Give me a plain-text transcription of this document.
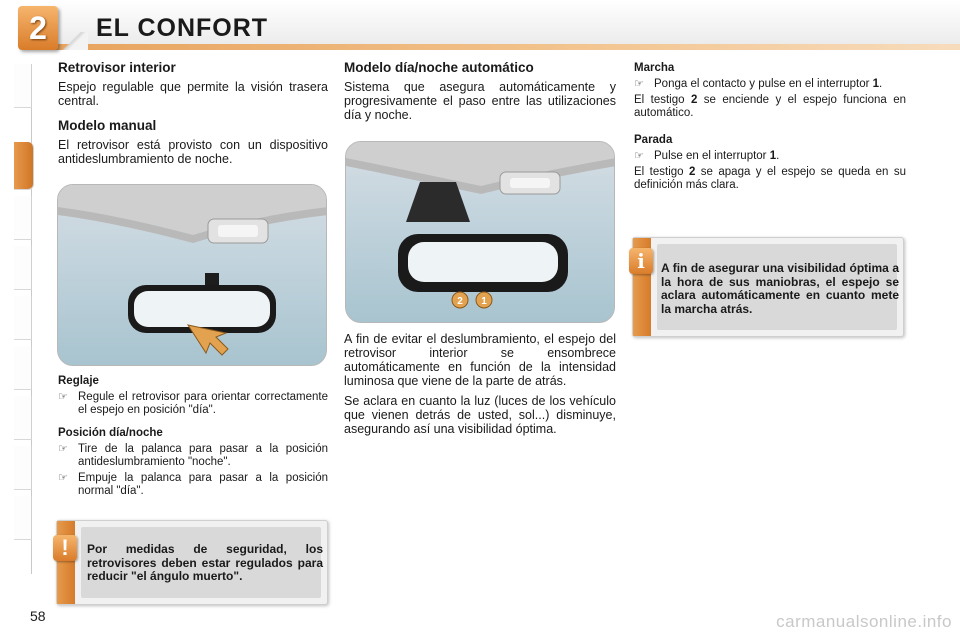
2	EL CONFORT
Retrovisor interior

Espejo regulable que permite la visión trasera central.

Modelo manual

El retrovisor está provisto con un dispositivo antideslumbramiento de noche.

Reglaje
☞ Regule el retrovisor para orientar correctamente el espejo en posición "día".
Posición día/noche
☞ Tire de la palanca para pasar a la posición antideslumbramiento "noche".
☞ Empuje la palanca para pasar a la posición normal "día".
Modelo día/noche automático

Sistema que asegura automáticamente y progresivamente el paso entre las utilizaciones día y noche.

2 1

A fin de evitar el deslumbramiento, el espejo del retrovisor interior se ensombrece automáticamente en función de la intensidad luminosa que viene de la parte de atrás.

Se aclara en cuanto la luz (luces de los vehículo que vienen detrás de usted, sol...) disminuye, asegurando así una visibilidad óptima.

Marcha
☞ Ponga el contacto y pulse en el interruptor 1.

El testigo 2 se enciende y el espejo funciona en automático.

Parada
☞ Pulse en el interruptor 1.

El testigo 2 se apaga y el espejo se queda en su definición más clara.

i	A fin de asegurar una visibilidad óptima a la hora de sus maniobras, el espejo se aclara automáticamente en cuanto mete la marcha atrás.
!	Por medidas de seguridad, los retrovisores deben estar regulados para reducir "el ángulo muerto".
58	carmanualsonline.info
